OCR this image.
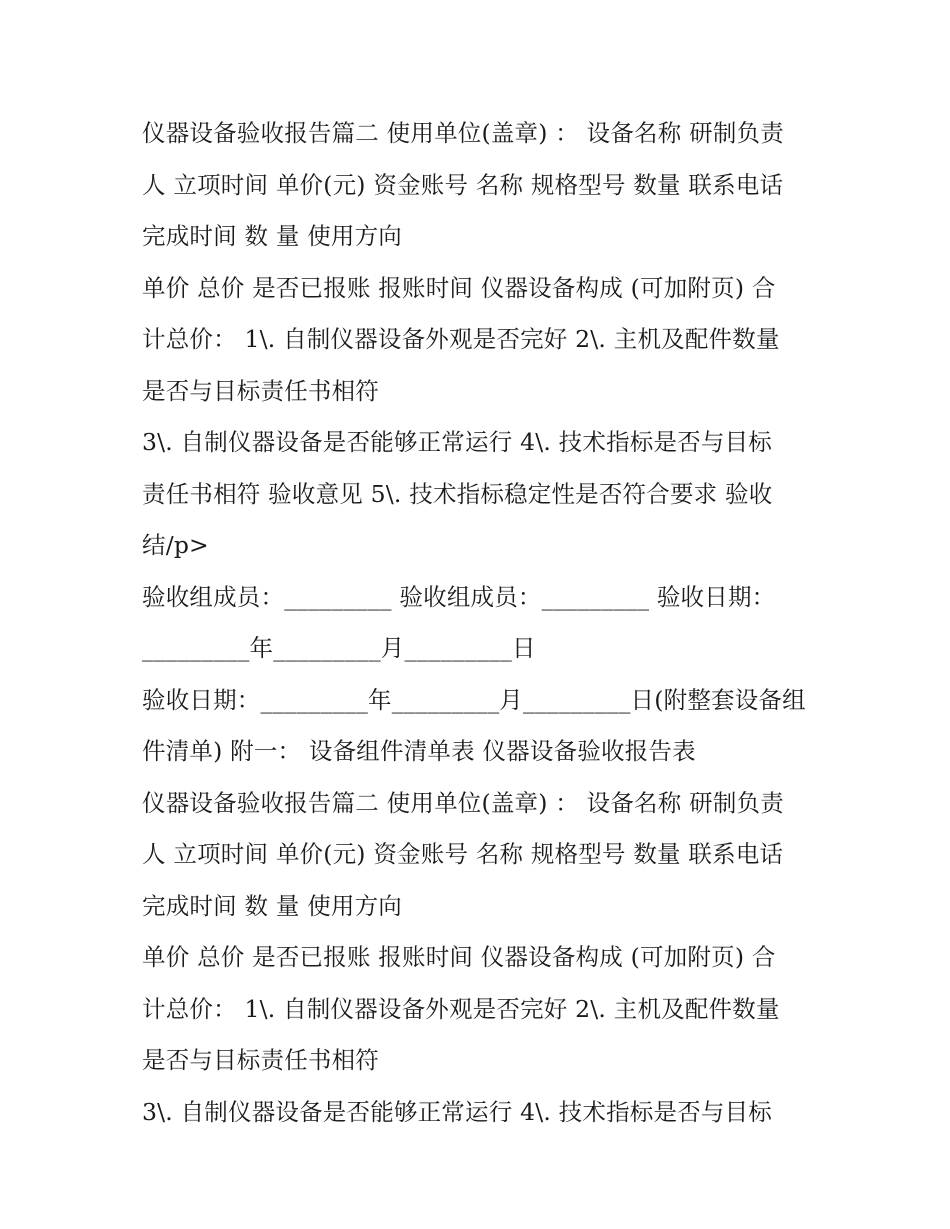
仪器设备验收报告篇二 使用单位(盖章) ： 设备名称 研制负责
人 立项时间 单价(元) 资金账号 名称 规格型号 数量 联系电话
完成时间 数 量 使用方向
单价 总价 是否已报账 报账时间 仪器设备构成 (可加附页) 合
计总价： 1\. 自制仪器设备外观是否完好 2\. 主机及配件数量
是否与目标责任书相符
3\. 自制仪器设备是否能够正常运行 4\. 技术指标是否与目标
责任书相符 验收意见 5\. 技术指标稳定性是否符合要求 验收
结/p>
验收组成员：_________ 验收组成员：_________ 验收日期：
_________年_________月_________日
验收日期：_________年_________月_________日(附整套设备组
件清单) 附一： 设备组件清单表 仪器设备验收报告表
仪器设备验收报告篇二 使用单位(盖章) ： 设备名称 研制负责
人 立项时间 单价(元) 资金账号 名称 规格型号 数量 联系电话
完成时间 数 量 使用方向
单价 总价 是否已报账 报账时间 仪器设备构成 (可加附页) 合
计总价： 1\. 自制仪器设备外观是否完好 2\. 主机及配件数量
是否与目标责任书相符
3\. 自制仪器设备是否能够正常运行 4\. 技术指标是否与目标
